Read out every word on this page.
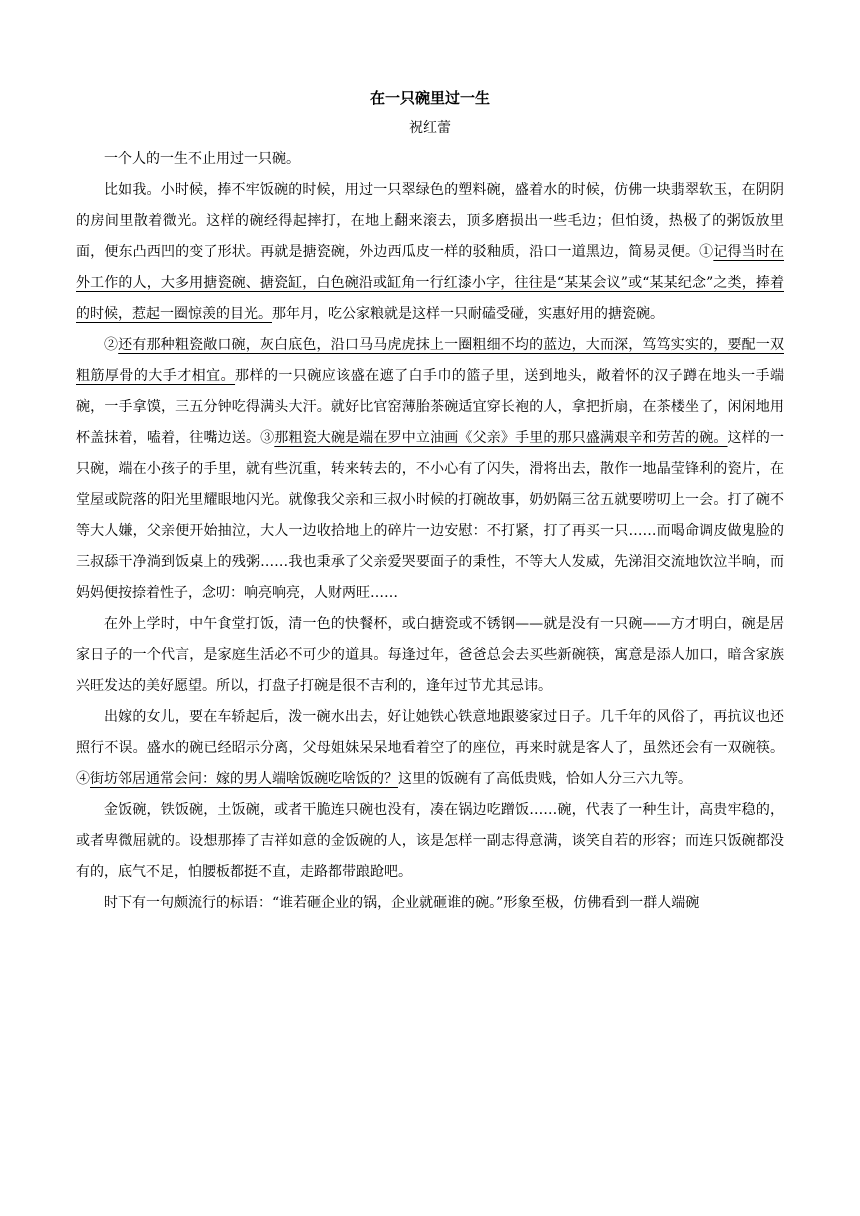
在一只碗里过一生
祝红蕾

一个人的一生不止用过一只碗。

比如我。小时候，捧不牢饭碗的时候，用过一只翠绿色的塑料碗，盛着水的时候，仿佛一块翡翠软玉，在阴阴的房间里散着微光。这样的碗经得起摔打，在地上翻来滚去，顶多磨损出一些毛边；但怕烫，热极了的粥饭放里面，便东凸西凹的变了形状。再就是搪瓷碗，外边西瓜皮一样的驳釉质，沿口一道黑边，简易灵便。①记得当时在外工作的人，大多用搪瓷碗、搪瓷缸，白色碗沿或缸角一行红漆小字，往往是“某某会议”或“某某纪念”之类，捧着的时候，惹起一圈惊羡的目光。那年月，吃公家粮就是这样一只耐磕受碰，实惠好用的搪瓷碗。

②还有那种粗瓷敞口碗，灰白底色，沿口马马虎虎抹上一圈粗细不均的蓝边，大而深，笃笃实实的，要配一双粗筋厚骨的大手才相宜。那样的一只碗应该盛在遮了白手巾的篮子里，送到地头，敞着怀的汉子蹲在地头一手端碗，一手拿馍，三五分钟吃得满头大汗。就好比官窑薄胎茶碗适宜穿长袍的人，拿把折扇，在茶楼坐了，闲闲地用杯盖抹着，嗑着，往嘴边送。③那粗瓷大碗是端在罗中立油画《父亲》手里的那只盛满艰辛和劳苦的碗。这样的一只碗，端在小孩子的手里，就有些沉重，转来转去的，不小心有了闪失，滑将出去，散作一地晶莹锋利的瓷片，在堂屋或院落的阳光里耀眼地闪光。就像我父亲和三叔小时候的打碗故事，奶奶隔三岔五就要唠叨上一会。打了碗不等大人嫌，父亲便开始抽泣，大人一边收拾地上的碎片一边安慰：不打紧，打了再买一只……而喝命调皮做鬼脸的三叔舔干净淌到饭桌上的残粥……我也秉承了父亲爱哭要面子的秉性，不等大人发威，先涕泪交流地饮泣半晌，而妈妈便按捺着性子，念叨：响亮响亮，人财两旺……

在外上学时，中午食堂打饭，清一色的快餐杯，或白搪瓷或不锈钢——就是没有一只碗——方才明白，碗是居家日子的一个代言，是家庭生活必不可少的道具。每逢过年，爸爸总会去买些新碗筷，寓意是添人加口，暗含家族兴旺发达的美好愿望。所以，打盘子打碗是很不吉利的，逢年过节尤其忌讳。

出嫁的女儿，要在车轿起后，泼一碗水出去，好让她铁心铁意地跟婆家过日子。几千年的风俗了，再抗议也还照行不误。盛水的碗已经昭示分离，父母姐妹呆呆地看着空了的座位，再来时就是客人了，虽然还会有一双碗筷。④街坊邻居通常会问：嫁的男人端啥饭碗吃啥饭的？这里的饭碗有了高低贵贱，恰如人分三六九等。

金饭碗，铁饭碗，土饭碗，或者干脆连只碗也没有，凑在锅边吃蹭饭……碗，代表了一种生计，高贵牢稳的，或者卑微屈就的。设想那捧了吉祥如意的金饭碗的人，该是怎样一副志得意满，谈笑自若的形容；而连只饭碗都没有的，底气不足，怕腰板都挺不直，走路都带踉跄吧。

时下有一句颇流行的标语：“谁若砸企业的锅，企业就砸谁的碗。”形象至极，仿佛看到一群人端碗
